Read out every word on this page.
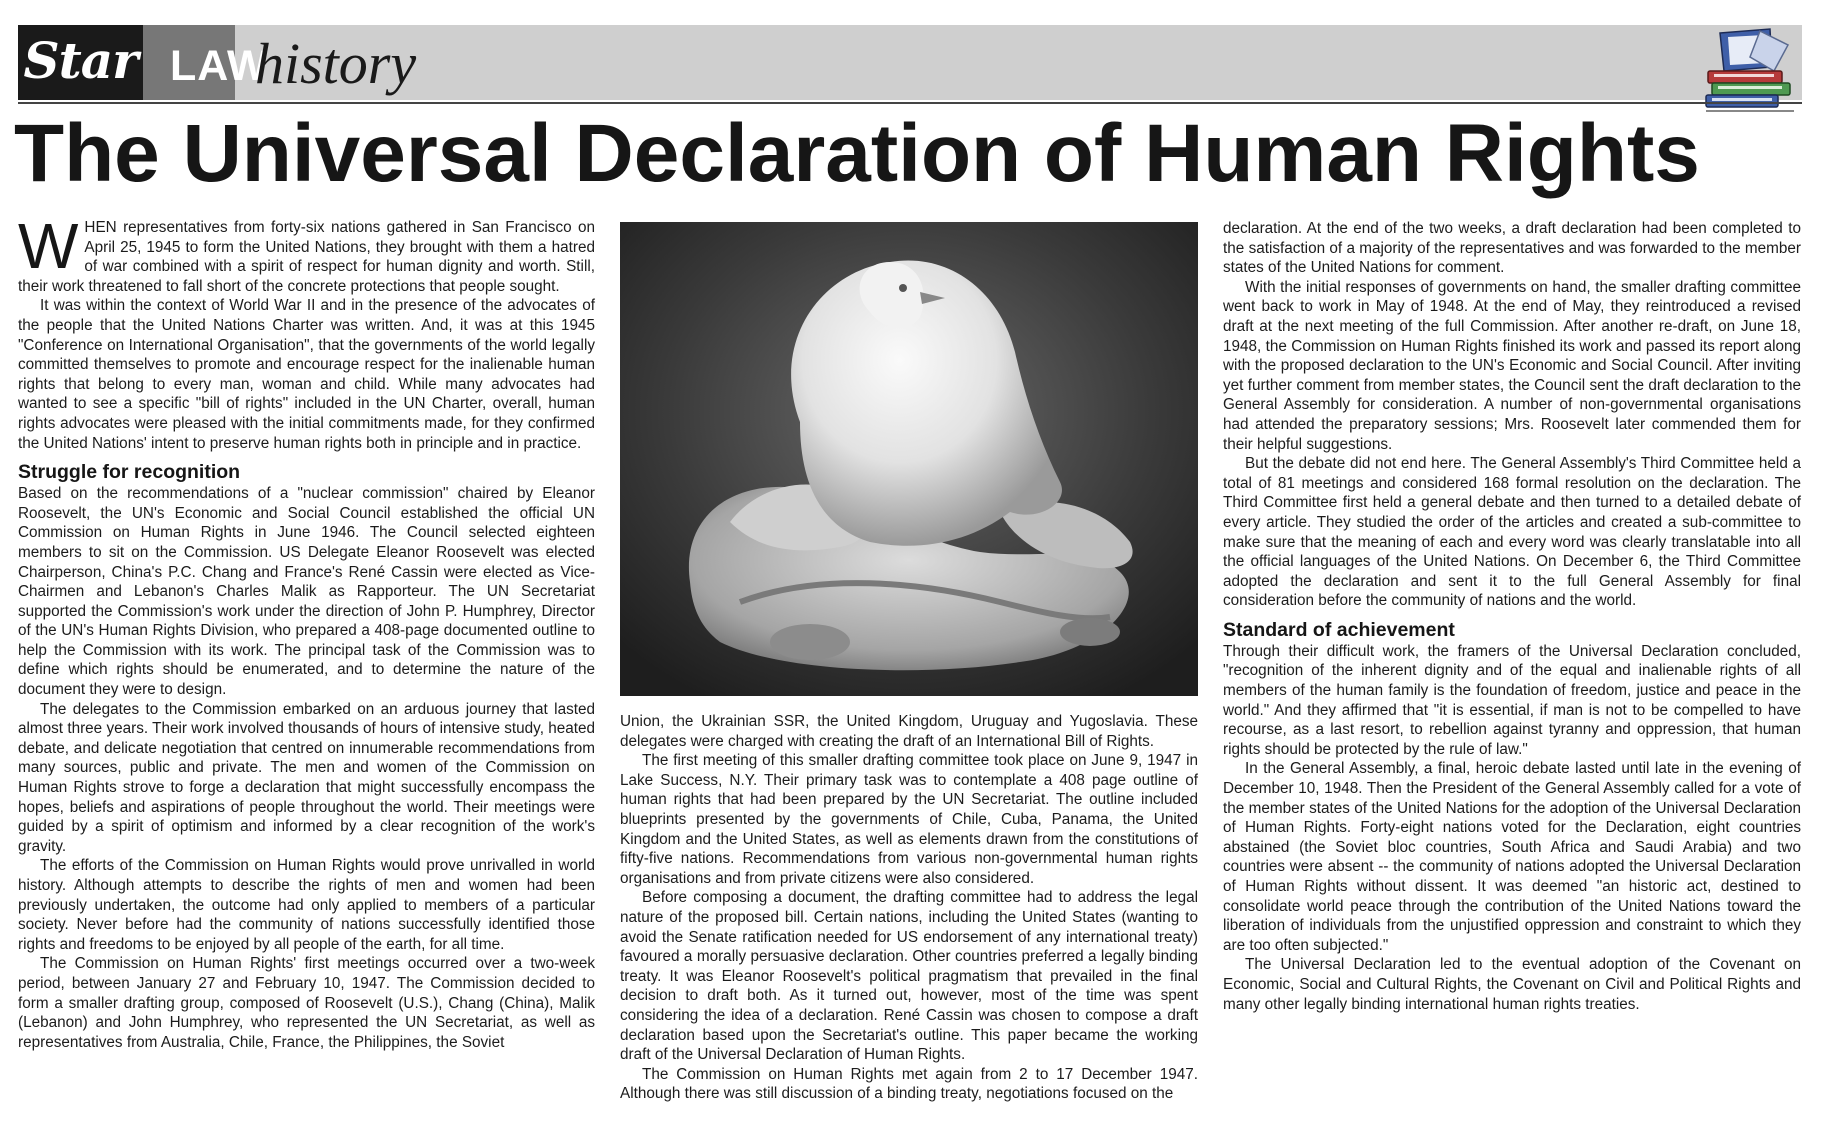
Star LAW
history
The Universal Declaration of Human Rights

WHEN representatives from forty-six nations gathered in San Francisco on April 25, 1945 to form the United Nations, they brought with them a hatred of war combined with a spirit of respect for human dignity and worth. Still, their work threatened to fall short of the concrete protections that people sought.

It was within the context of World War II and in the presence of the advocates of the people that the United Nations Charter was written. And, it was at this 1945 "Conference on International Organisation", that the governments of the world legally committed themselves to promote and encourage respect for the inalienable human rights that belong to every man, woman and child. While many advocates had wanted to see a specific "bill of rights" included in the UN Charter, overall, human rights advocates were pleased with the initial commitments made, for they confirmed the United Nations' intent to preserve human rights both in principle and in practice.

Struggle for recognition

Based on the recommendations of a "nuclear commission" chaired by Eleanor Roosevelt, the UN's Economic and Social Council established the official UN Commission on Human Rights in June 1946. The Council selected eighteen members to sit on the Commission. US Delegate Eleanor Roosevelt was elected Chairperson, China's P.C. Chang and France's René Cassin were elected as Vice-Chairmen and Lebanon's Charles Malik as Rapporteur. The UN Secretariat supported the Commission's work under the direction of John P. Humphrey, Director of the UN's Human Rights Division, who prepared a 408-page documented outline to help the Commission with its work. The principal task of the Commission was to define which rights should be enumerated, and to determine the nature of the document they were to design.

The delegates to the Commission embarked on an arduous journey that lasted almost three years. Their work involved thousands of hours of intensive study, heated debate, and delicate negotiation that centred on innumerable recommendations from many sources, public and private. The men and women of the Commission on Human Rights strove to forge a declaration that might successfully encompass the hopes, beliefs and aspirations of people throughout the world. Their meetings were guided by a spirit of optimism and informed by a clear recognition of the work's gravity.

The efforts of the Commission on Human Rights would prove unrivalled in world history. Although attempts to describe the rights of men and women had been previously undertaken, the outcome had only applied to members of a particular society. Never before had the community of nations successfully identified those rights and freedoms to be enjoyed by all people of the earth, for all time.

The Commission on Human Rights' first meetings occurred over a two-week period, between January 27 and February 10, 1947. The Commission decided to form a smaller drafting group, composed of Roosevelt (U.S.), Chang (China), Malik (Lebanon) and John Humphrey, who represented the UN Secretariat, as well as representatives from Australia, Chile, France, the Philippines, the Soviet

Union, the Ukrainian SSR, the United Kingdom, Uruguay and Yugoslavia. These delegates were charged with creating the draft of an International Bill of Rights.

The first meeting of this smaller drafting committee took place on June 9, 1947 in Lake Success, N.Y. Their primary task was to contemplate a 408 page outline of human rights that had been prepared by the UN Secretariat. The outline included blueprints presented by the governments of Chile, Cuba, Panama, the United Kingdom and the United States, as well as elements drawn from the constitutions of fifty-five nations. Recommendations from various non-governmental human rights organisations and from private citizens were also considered.

Before composing a document, the drafting committee had to address the legal nature of the proposed bill. Certain nations, including the United States (wanting to avoid the Senate ratification needed for US endorsement of any international treaty) favoured a morally persuasive declaration. Other countries preferred a legally binding treaty. It was Eleanor Roosevelt's political pragmatism that prevailed in the final decision to draft both. As it turned out, however, most of the time was spent considering the idea of a declaration. René Cassin was chosen to compose a draft declaration based upon the Secretariat's outline. This paper became the working draft of the Universal Declaration of Human Rights.

The Commission on Human Rights met again from 2 to 17 December 1947. Although there was still discussion of a binding treaty, negotiations focused on the

declaration. At the end of the two weeks, a draft declaration had been completed to the satisfaction of a majority of the representatives and was forwarded to the member states of the United Nations for comment.

With the initial responses of governments on hand, the smaller drafting committee went back to work in May of 1948. At the end of May, they reintroduced a revised draft at the next meeting of the full Commission. After another re-draft, on June 18, 1948, the Commission on Human Rights finished its work and passed its report along with the proposed declaration to the UN's Economic and Social Council. After inviting yet further comment from member states, the Council sent the draft declaration to the General Assembly for consideration. A number of non-governmental organisations had attended the preparatory sessions; Mrs. Roosevelt later commended them for their helpful suggestions.

But the debate did not end here. The General Assembly's Third Committee held a total of 81 meetings and considered 168 formal resolution on the declaration. The Third Committee first held a general debate and then turned to a detailed debate of every article. They studied the order of the articles and created a sub-committee to make sure that the meaning of each and every word was clearly translatable into all the official languages of the United Nations. On December 6, the Third Committee adopted the declaration and sent it to the full General Assembly for final consideration before the community of nations and the world.

Standard of achievement

Through their difficult work, the framers of the Universal Declaration concluded, "recognition of the inherent dignity and of the equal and inalienable rights of all members of the human family is the foundation of freedom, justice and peace in the world." And they affirmed that "it is essential, if man is not to be compelled to have recourse, as a last resort, to rebellion against tyranny and oppression, that human rights should be protected by the rule of law."

In the General Assembly, a final, heroic debate lasted until late in the evening of December 10, 1948. Then the President of the General Assembly called for a vote of the member states of the United Nations for the adoption of the Universal Declaration of Human Rights. Forty-eight nations voted for the Declaration, eight countries abstained (the Soviet bloc countries, South Africa and Saudi Arabia) and two countries were absent -- the community of nations adopted the Universal Declaration of Human Rights without dissent. It was deemed "an historic act, destined to consolidate world peace through the contribution of the United Nations toward the liberation of individuals from the unjustified oppression and constraint to which they are too often subjected."

The Universal Declaration led to the eventual adoption of the Covenant on Economic, Social and Cultural Rights, the Covenant on Civil and Political Rights and many other legally binding international human rights treaties.
